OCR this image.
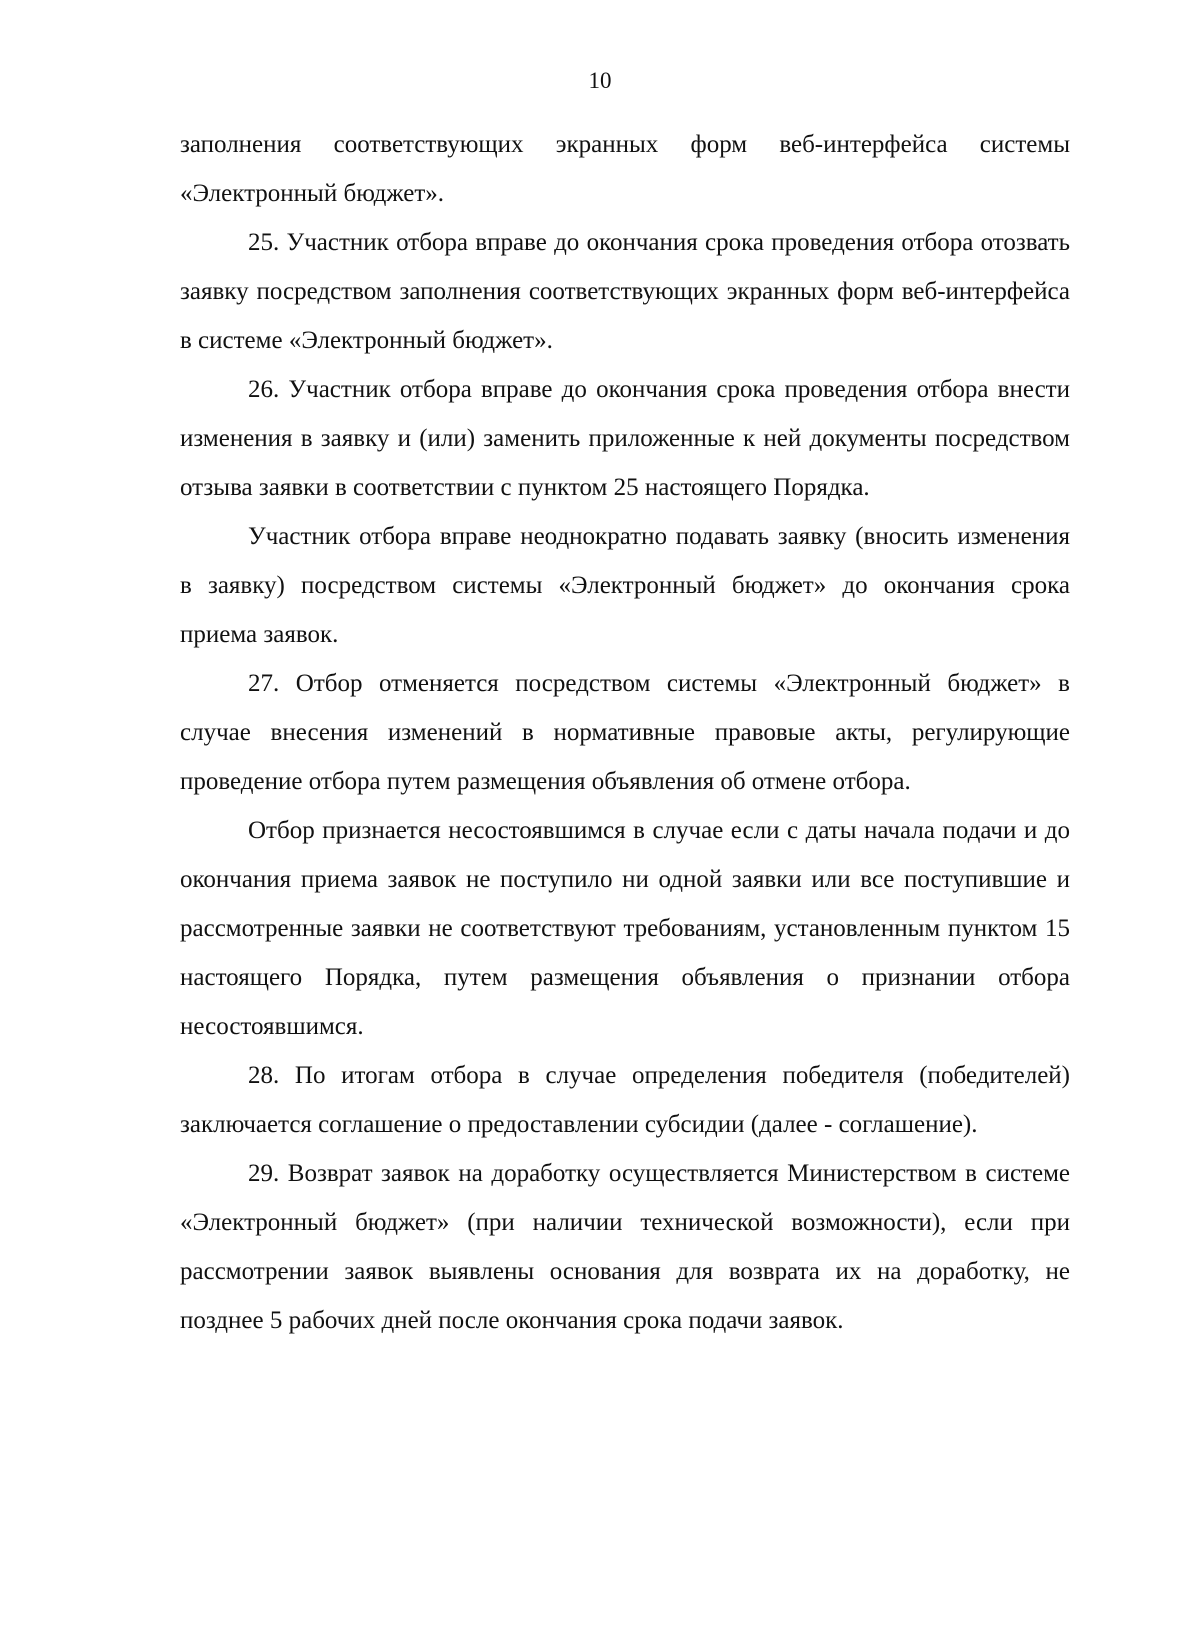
10

заполнения соответствующих экранных форм веб-интерфейса системы «Электронный бюджет».

25. Участник отбора вправе до окончания срока проведения отбора отозвать заявку посредством заполнения соответствующих экранных форм веб-интерфейса в системе «Электронный бюджет».

26. Участник отбора вправе до окончания срока проведения отбора внести изменения в заявку и (или) заменить приложенные к ней документы посредством отзыва заявки в соответствии с пунктом 25 настоящего Порядка.

Участник отбора вправе неоднократно подавать заявку (вносить изменения в заявку) посредством системы «Электронный бюджет» до окончания срока приема заявок.

27. Отбор отменяется посредством системы «Электронный бюджет» в случае внесения изменений в нормативные правовые акты, регулирующие проведение отбора путем размещения объявления об отмене отбора.

Отбор признается несостоявшимся в случае если с даты начала подачи и до окончания приема заявок не поступило ни одной заявки или все поступившие и рассмотренные заявки не соответствуют требованиям, установленным пунктом 15 настоящего Порядка, путем размещения объявления о признании отбора несостоявшимся.

28. По итогам отбора в случае определения победителя (победителей) заключается соглашение о предоставлении субсидии (далее - соглашение).

29. Возврат заявок на доработку осуществляется Министерством в системе «Электронный бюджет» (при наличии технической возможности), если при рассмотрении заявок выявлены основания для возврата их на доработку, не позднее 5 рабочих дней после окончания срока подачи заявок.
